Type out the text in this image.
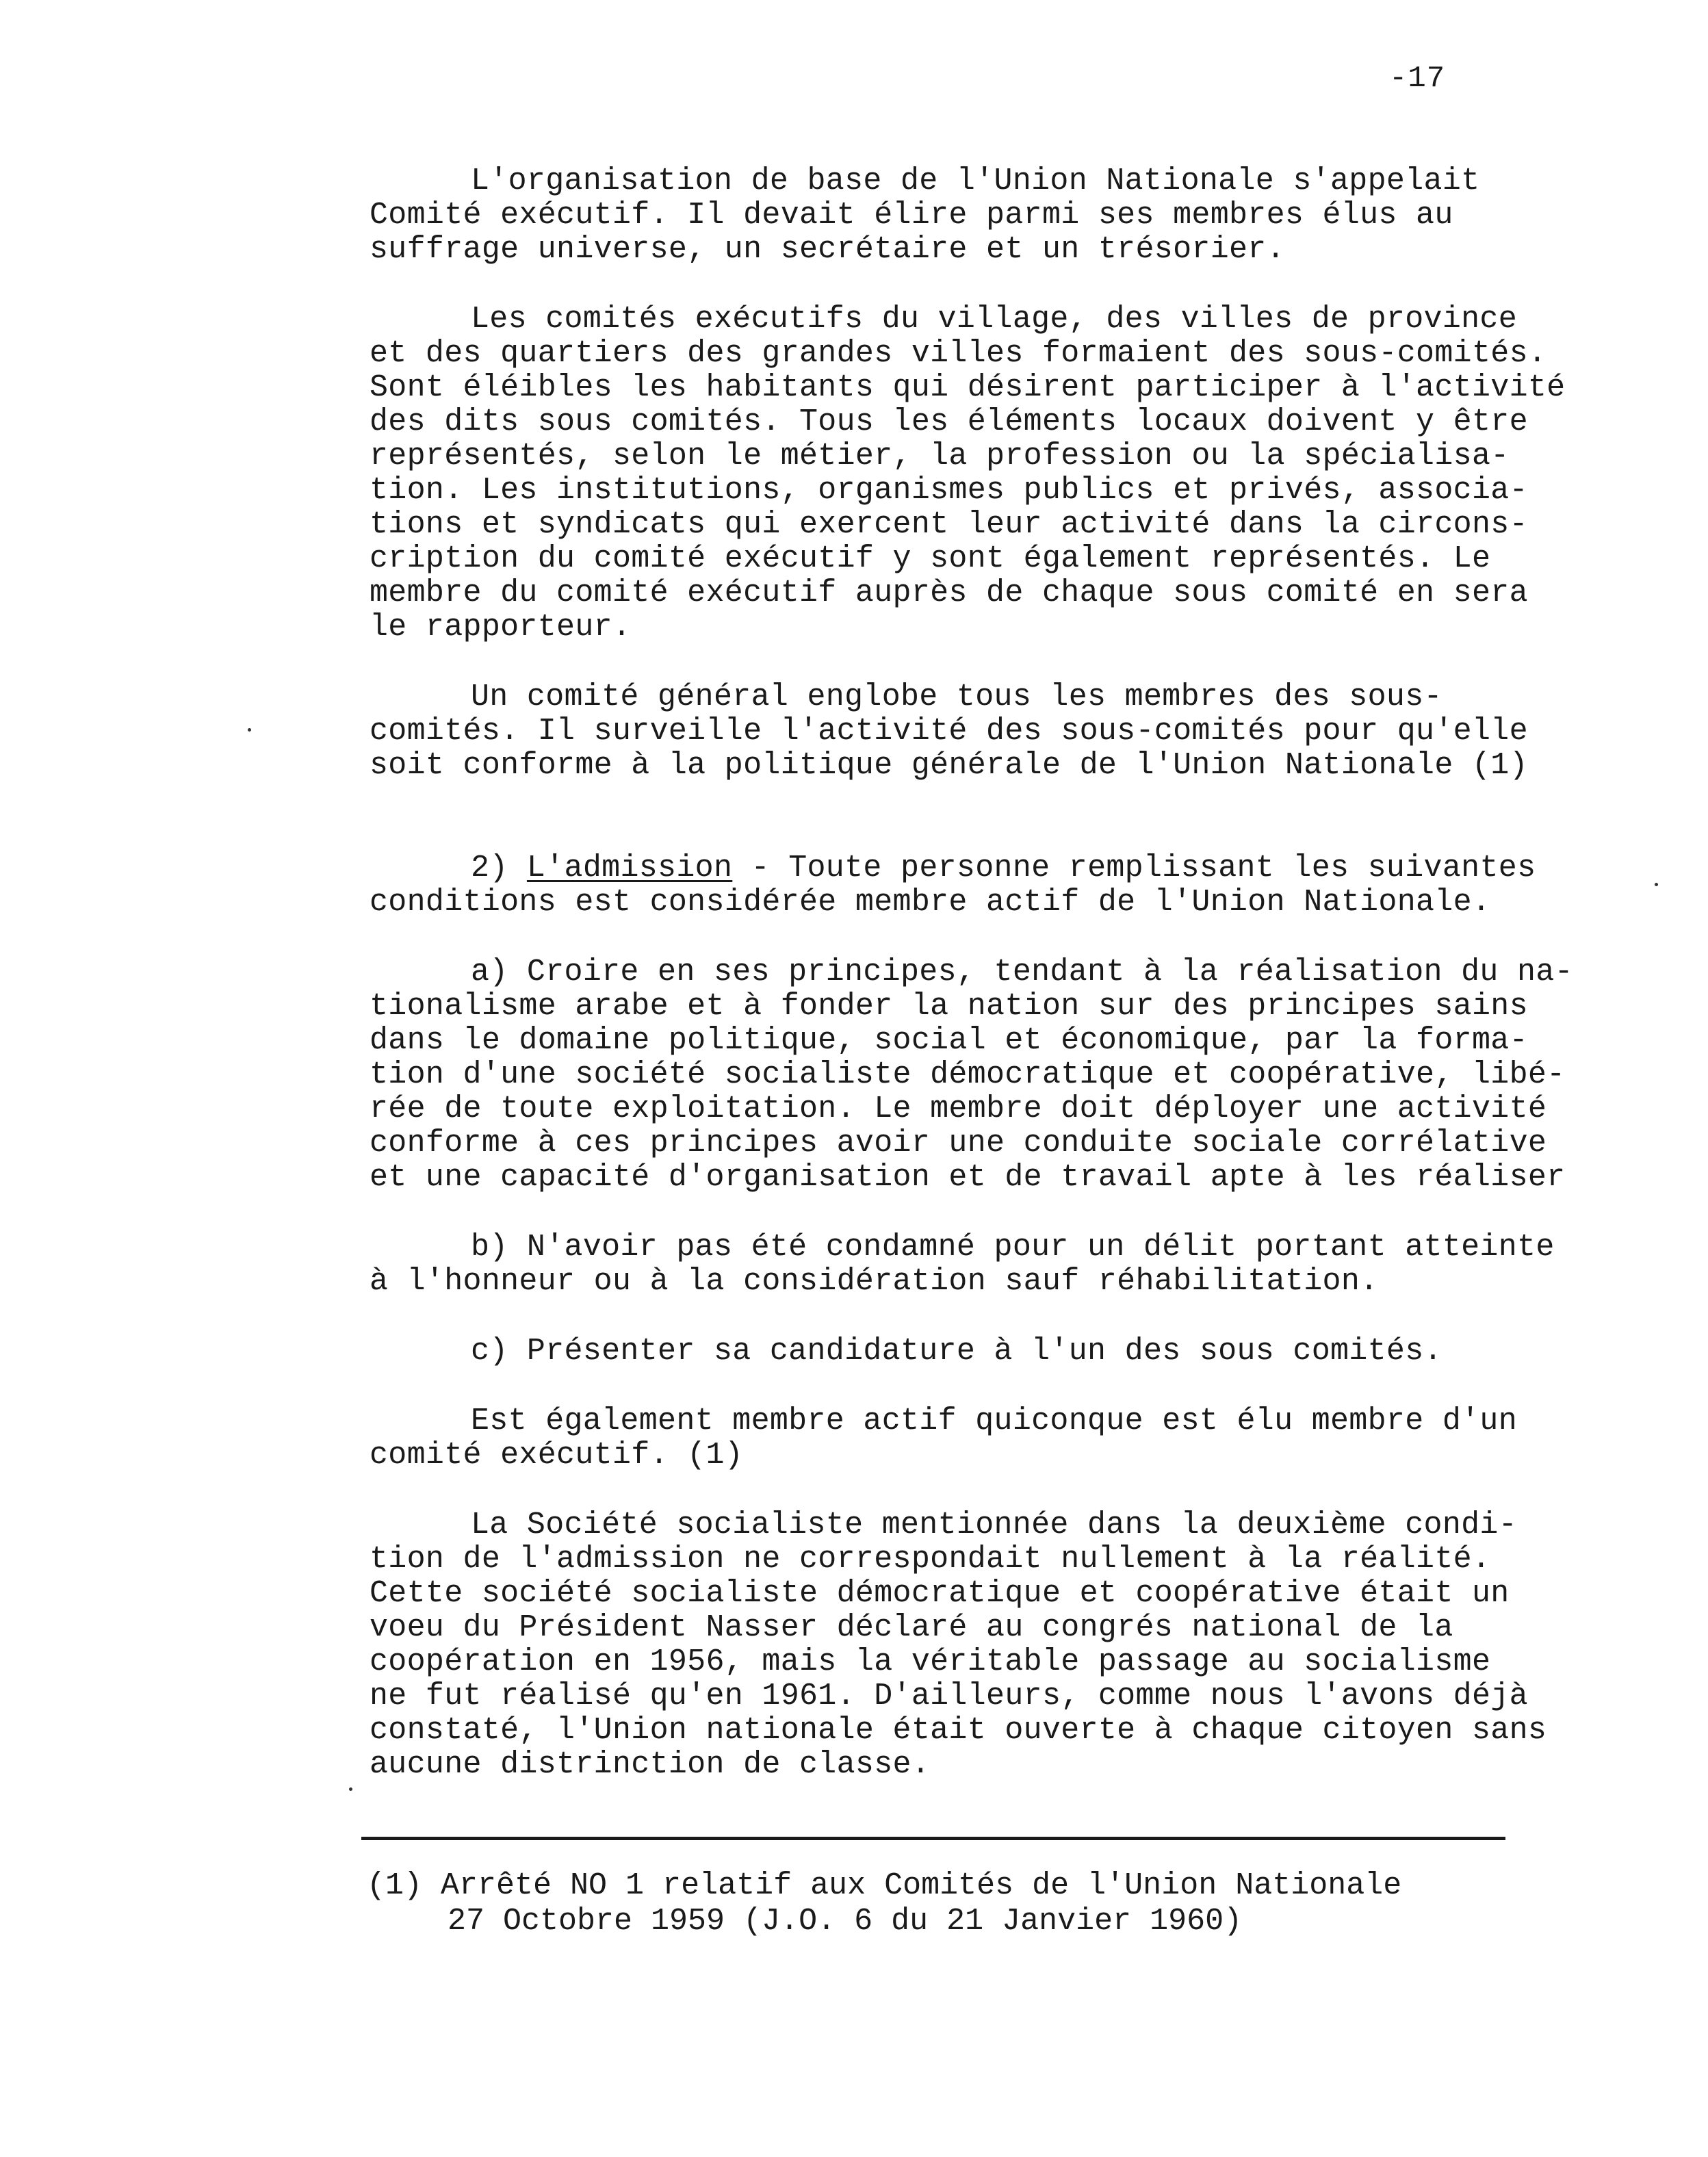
-17
L'organisation de base de l'Union Nationale s'appelait
Comité exécutif. Il devait élire parmi ses membres élus au
suffrage universe, un secrétaire et un trésorier.
Les comités exécutifs du village, des villes de province
et des quartiers des grandes villes formaient des sous-comités.
Sont éléibles les habitants qui désirent participer à l'activité
des dits sous comités. Tous les éléments locaux doivent y être
représentés, selon le métier, la profession ou la spécialisa-
tion. Les institutions, organismes publics et privés, associa-
tions et syndicats qui exercent leur activité dans la circons-
cription du comité exécutif y sont également représentés. Le
membre du comité exécutif auprès de chaque sous comité en sera
le rapporteur.
Un comité général englobe tous les membres des sous-
comités. Il surveille l'activité des sous-comités pour qu'elle
soit conforme à la politique générale de l'Union Nationale (1)
2) L'admission - Toute personne remplissant les suivantes
conditions est considérée membre actif de l'Union Nationale.
a) Croire en ses principes, tendant à la réalisation du na-
tionalisme arabe et à fonder la nation sur des principes sains
dans le domaine politique, social et économique, par la forma-
tion d'une société socialiste démocratique et coopérative, libé-
rée de toute exploitation. Le membre doit déployer une activité
conforme à ces principes avoir une conduite sociale corrélative
et une capacité d'organisation et de travail apte à les réaliser
b) N'avoir pas été condamné pour un délit portant atteinte
à l'honneur ou à la considération sauf réhabilitation.
c) Présenter sa candidature à l'un des sous comités.
Est également membre actif quiconque est élu membre d'un
comité exécutif. (1)
La Société socialiste mentionnée dans la deuxième condi-
tion de l'admission ne correspondait nullement à la réalité.
Cette société socialiste démocratique et coopérative était un
voeu du Président Nasser déclaré au congrés national de la
coopération en 1956, mais la véritable passage au socialisme
ne fut réalisé qu'en 1961. D'ailleurs, comme nous l'avons déjà
constaté, l'Union nationale était ouverte à chaque citoyen sans
aucune distrinction de classe.
(1) Arrêté NO 1 relatif aux Comités de l'Union Nationale
27 Octobre 1959 (J.O. 6 du 21 Janvier 1960)
